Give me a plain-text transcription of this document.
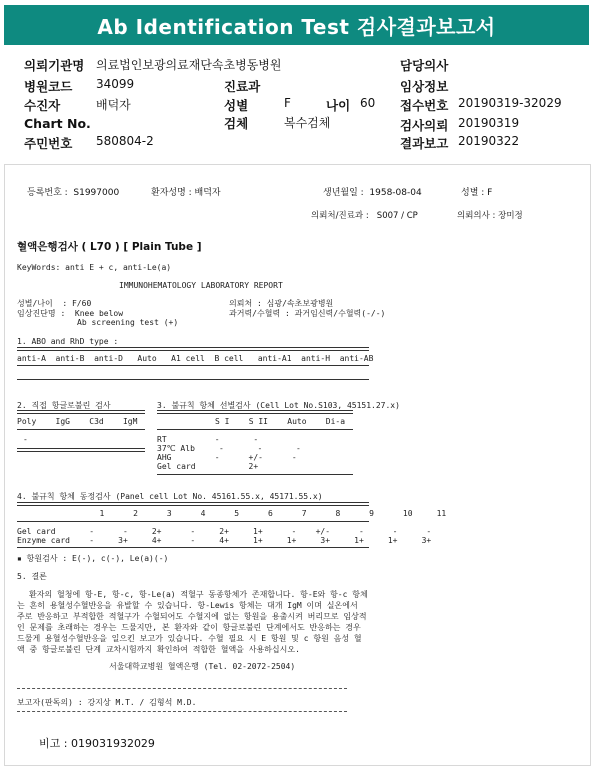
Ab Identification Test 검사결과보고서
의뢰기관명 의료법인보광의료재단속초병동병원	담당의사
병원코드 34099	진료과	임상정보
수진자	배덕자	성별	F	나이 60 접수번호 20190319-32029
Chart No.	검체	복수검체	검사의뢰 20190319
주민번호 580804-2	결과보고 20190322
등록번호 :  S1997000	환자성명 : 배덕자	생년월일 :  1958-08-04	성별 : F
의뢰처/진료과 :   S007 / CP	의뢰의사 : 장미정
혈액은행검사 ( L70 ) [ Plain Tube ]
KeyWords: anti E + c, anti-Le(a)
IMMUNOHEMATOLOGY LABORATORY REPORT
성별/나이  : F/60
임상진단명 :  Knee below
Ab screening test (+)
의뢰처 : 심광/속초보광병원
과거력/수혈력 : 과거임신력/수혈력(-/-)
1. ABO and RhD type :
anti-A  anti-B  anti-D   Auto   A1 cell  B cell   anti-A1  anti-H  anti-AB
2. 직접 항글로불린 검사
Poly    IgG    C3d    IgM
-
3. 불규칙 항체 선별검사 (Cell Lot No.S103, 45151.27.x)
S I    S II    Auto    Di-a
RT          -       -
37℃ Alb     -       -       -
AHG         -      +/-      -
Gel card           2+
4. 불규칙 항체 동정검사 (Panel cell Lot No. 45161.55.x, 45171.55.x)
1      2      3      4      5      6      7      8      9      10     11
Gel card       -      -     2+      -     2+     1+      -    +/-      -      -      -
Enzyme card    -     3+     4+      -     4+     1+     1+     3+     1+     1+     3+
▪ 항원검사 : E(-), c(-), Le(a)(-)
5. 결론
환자의 혈청에 항-E, 항-c, 항-Le(a) 적혈구 동종항체가 존재합니다. 항-E와 항-c 항체는 흔히 용혈성수혈반응을 유발할 수 있습니다. 항-Lewis 항체는 대개 IgM 이며 실온에서 주로 반응하고 부적합한 적혈구가 수혈되어도 수혈지에 없는 항원을 용출시켜 버리므로 임상적인 문제를 초래하는 경우는 드물지만, 본 환자와 같이 항글로불린 단계에서도 반응하는 경우 드물게 용혈성수혈반응을 일으킨 보고가 있습니다. 수혈 필요 시 E 항원 및 c 항원 음성 혈액 중 항글로불린 단계 교차시험까지 확인하여 적합한 혈액을 사용하십시오.
서울대학교병원 혈액은행 (Tel. 02-2072-2504)
보고자(판독의) : 강지상 M.T. / 김형석 M.D.
비고 : 019031932029
